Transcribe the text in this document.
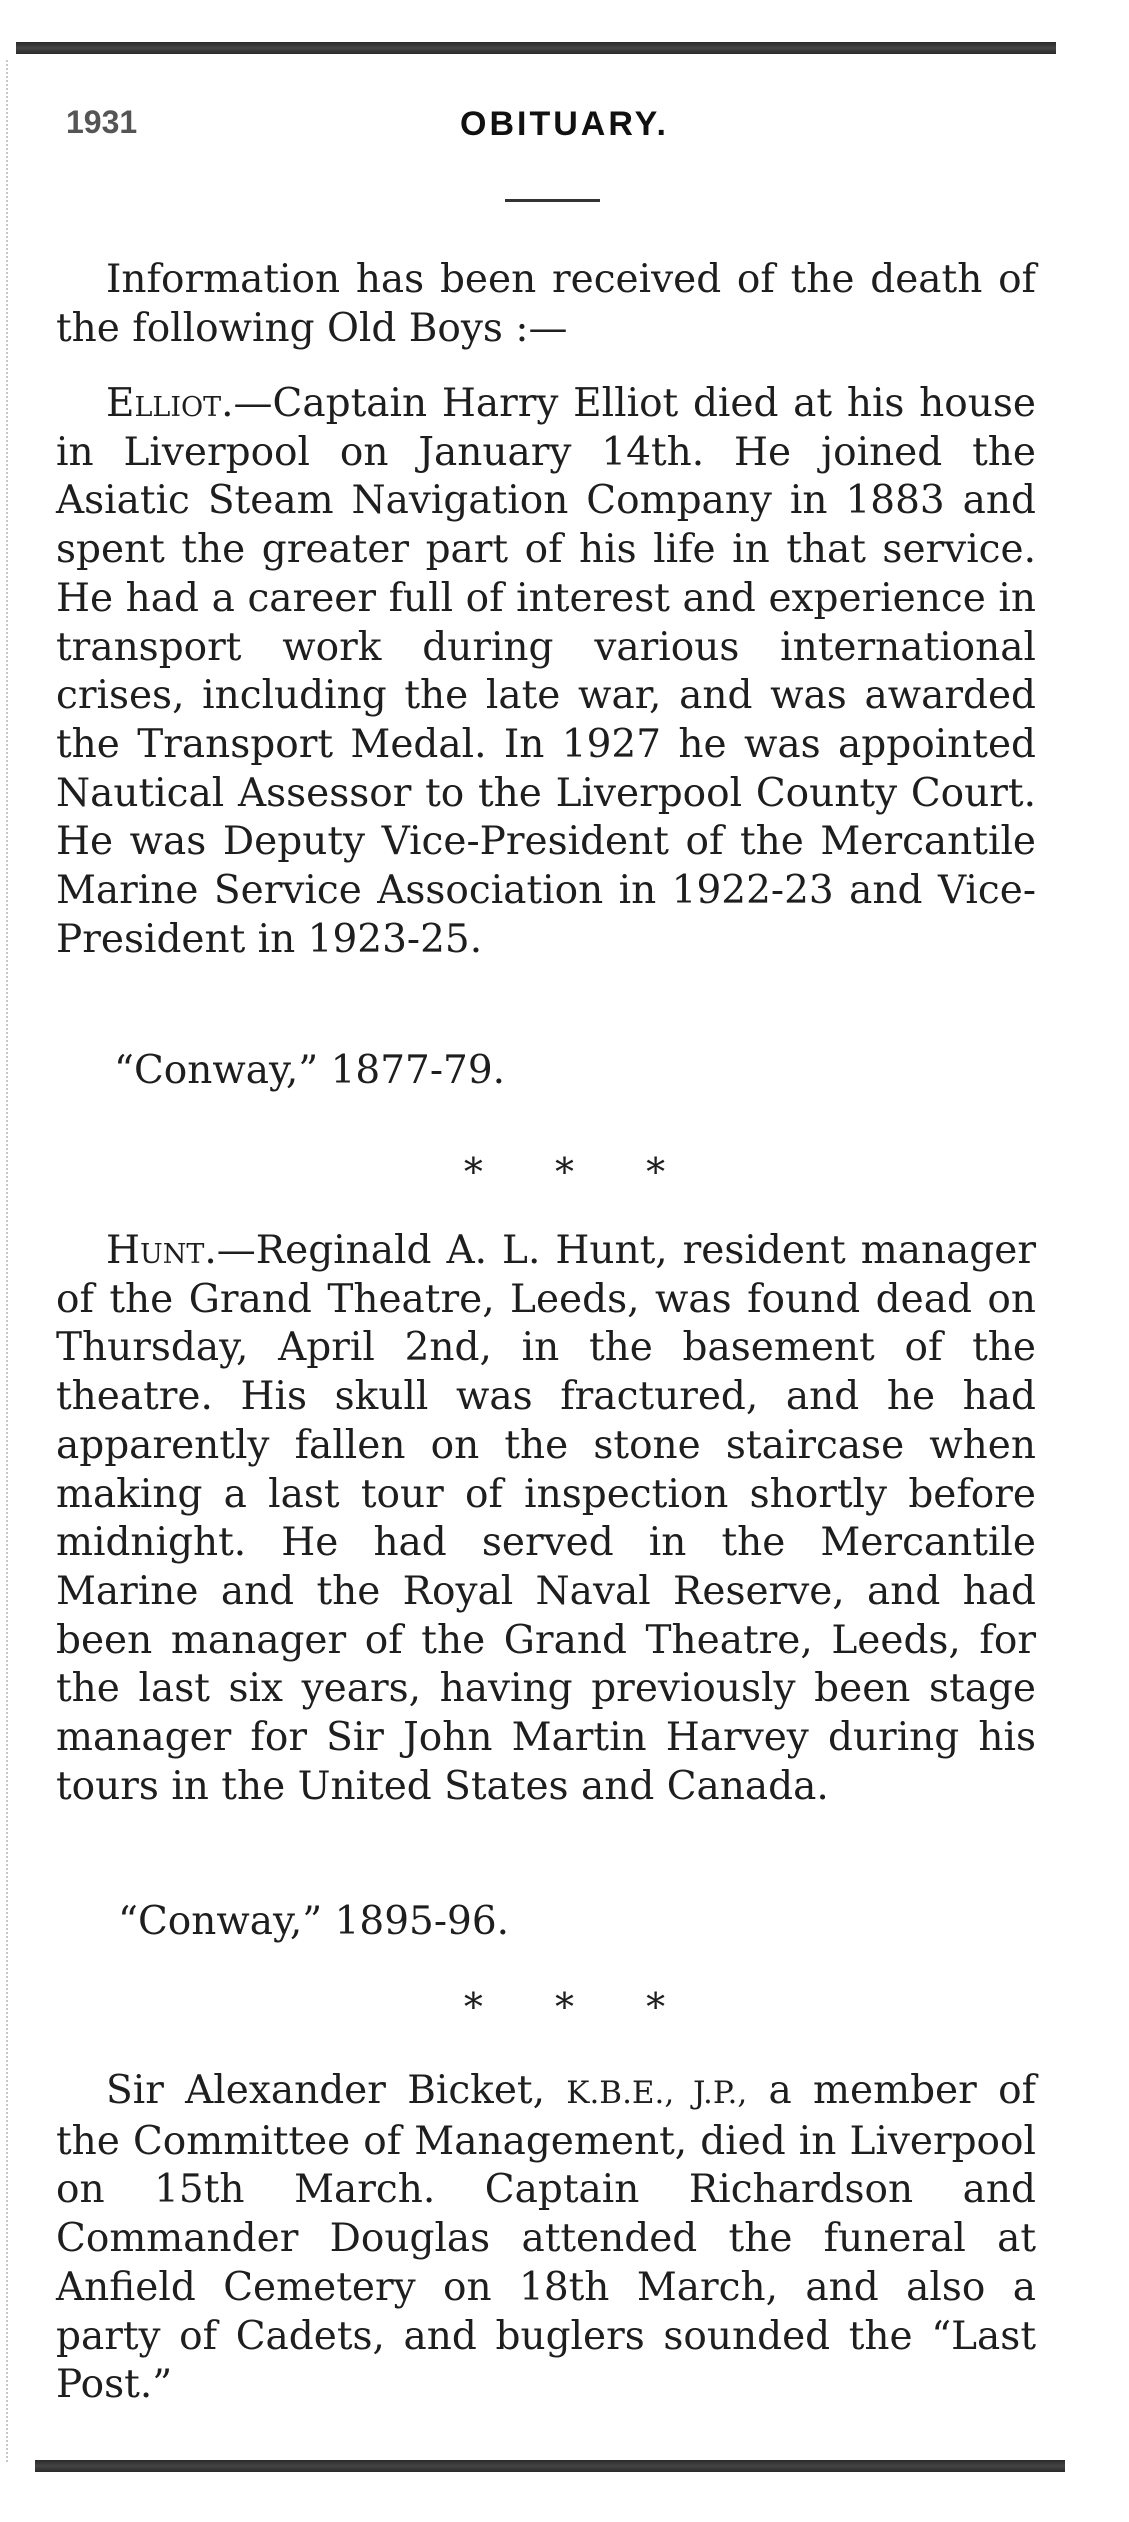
1931	OBITUARY.

Information has been received of the death of the following Old Boys :—

Elliot.—Captain Harry Elliot died at his house in Liverpool on January 14th. He joined the Asiatic Steam Navigation Company in 1883 and spent the greater part of his life in that service. He had a career full of interest and experience in transport work during various international crises, including the late war, and was awarded the Transport Medal. In 1927 he was appointed Nautical Assessor to the Liverpool County Court. He was Deputy Vice-President of the Mercantile Marine Service Association in 1922-23 and Vice-President in 1923-25.

“Conway,” 1877-79.

* * *

Hunt.—Reginald A. L. Hunt, resident manager of the Grand Theatre, Leeds, was found dead on Thursday, April 2nd, in the basement of the theatre. His skull was fractured, and he had apparently fallen on the stone staircase when making a last tour of inspection shortly before midnight. He had served in the Mercantile Marine and the Royal Naval Reserve, and had been manager of the Grand Theatre, Leeds, for the last six years, having previously been stage manager for Sir John Martin Harvey during his tours in the United States and Canada.

“Conway,” 1895-96.

* * *

Sir Alexander Bicket, K.B.E., J.P., a member of the Committee of Management, died in Liverpool on 15th March. Captain Richardson and Commander Douglas attended the funeral at Anfield Cemetery on 18th March, and also a party of Cadets, and buglers sounded the “Last Post.”
